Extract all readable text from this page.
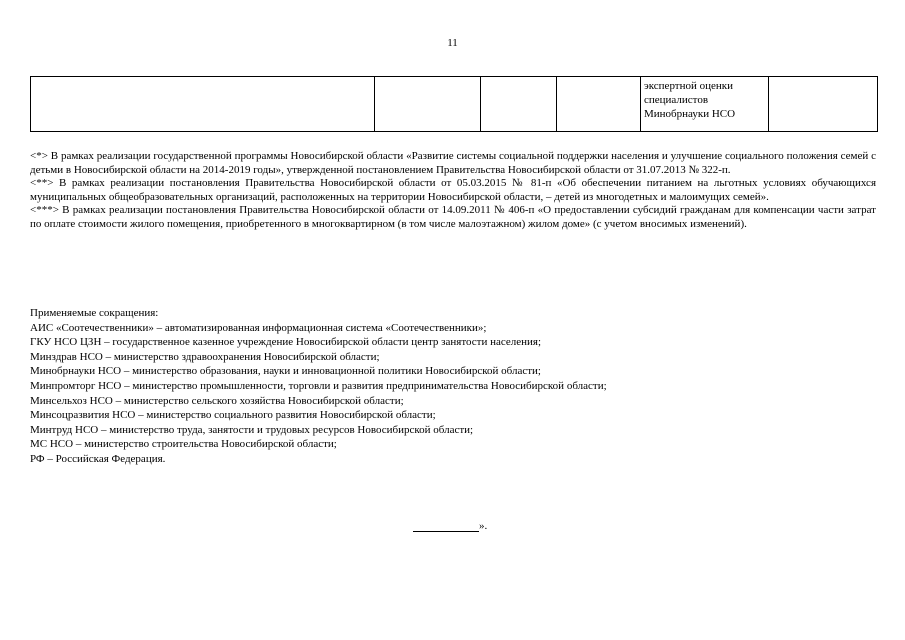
11
				экспертной оценки специалистов Минобрнауки НСО	

<*> В рамках реализации государственной программы Новосибирской области «Развитие системы социальной поддержки населения и улучшение социального положения семей с детьми в Новосибирской области на 2014-2019 годы», утвержденной постановлением Правительства Новосибирской области от 31.07.2013 № 322-п.

<**> В рамках реализации постановления Правительства Новосибирской области от 05.03.2015 № 81-п «Об обеспечении питанием на льготных условиях обучающихся муниципальных общеобразовательных организаций, расположенных на территории Новосибирской области, – детей из многодетных и малоимущих семей».

<***> В рамках реализации постановления Правительства Новосибирской области от 14.09.2011 № 406-п «О предоставлении субсидий гражданам для компенсации части затрат по оплате стоимости жилого помещения, приобретенного в многоквартирном (в том числе малоэтажном) жилом доме» (с учетом вносимых изменений).

Применяемые сокращения:
АИС «Соотечественники» – автоматизированная информационная система «Соотечественники»;
ГКУ НСО ЦЗН – государственное казенное учреждение Новосибирской области центр занятости населения;
Минздрав НСО – министерство здравоохранения Новосибирской области;
Минобрнауки НСО – министерство образования, науки и инновационной политики Новосибирской области;
Минпромторг НСО – министерство промышленности, торговли и развития предпринимательства Новосибирской области;
Минсельхоз НСО – министерство сельского хозяйства Новосибирской области;
Минсоцразвития НСО – министерство социального развития Новосибирской области;
Минтруд НСО – министерство труда, занятости и трудовых ресурсов Новосибирской области;
МС НСО – министерство строительства Новосибирской области;
РФ – Российская Федерация.
».
